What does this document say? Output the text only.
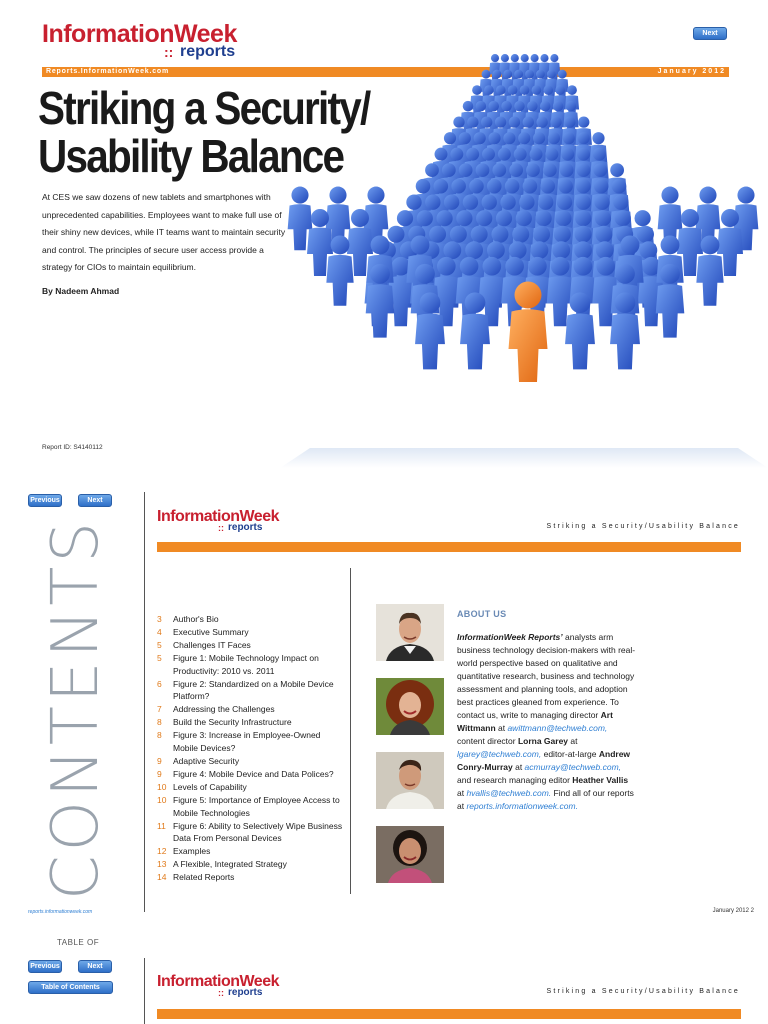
InformationWeek
:: reports
Next
Reports.InformationWeek.com	January 2012
Striking a Security/
Usability Balance

At CES we saw dozens of new tablets and smartphones with unprecedented capabilities. Employees want to make full use of their shiny new devices, while IT teams want to maintain security and control. The principles of secure user access provide a strategy for CIOs to maintain equilibrium.

By Nadeem Ahmad

Report ID: S4140112

Previous	Next
InformationWeek
:: reports	Striking a Security/Usability Balance
CONTENTS
TABLE OF
3	Author's Bio
4	Executive Summary
5	Challenges IT Faces
5	Figure 1: Mobile Technology Impact on Productivity: 2010 vs. 2011
6	Figure 2: Standardized on a Mobile Device Platform?
7	Addressing the Challenges
8	Build the Security Infrastructure
8	Figure 3: Increase in Employee-Owned Mobile Devices?
9	Adaptive Security
9	Figure 4: Mobile Device and Data Polices?
10 Levels of Capability
10 Figure 5: Importance of Employee Access to Mobile Technologies
11 Figure 6: Ability to Selectively Wipe Business Data From Personal Devices
12 Examples
13 A Flexible, Integrated Strategy
14 Related Reports
ABOUT US

InformationWeek Reports’ analysts arm business technology decision-makers with real-world perspective based on qualitative and quantitative research, business and technology assessment and planning tools, and adoption best practices gleaned from experience. To contact us, write to managing director Art Wittmann at awittmann@techweb.com, content director Lorna Garey at lgarey@techweb.com, editor-at-large Andrew Conry-Murray at acmurray@techweb.com, and research managing editor Heather Vallis at hvallis@techweb.com. Find all of our reports at reports.informationweek.com.

reports.informationweek.com	January 2012 2
Previous	Next
Table of Contents	InformationWeek
:: reports	Striking a Security/Usability Balance
